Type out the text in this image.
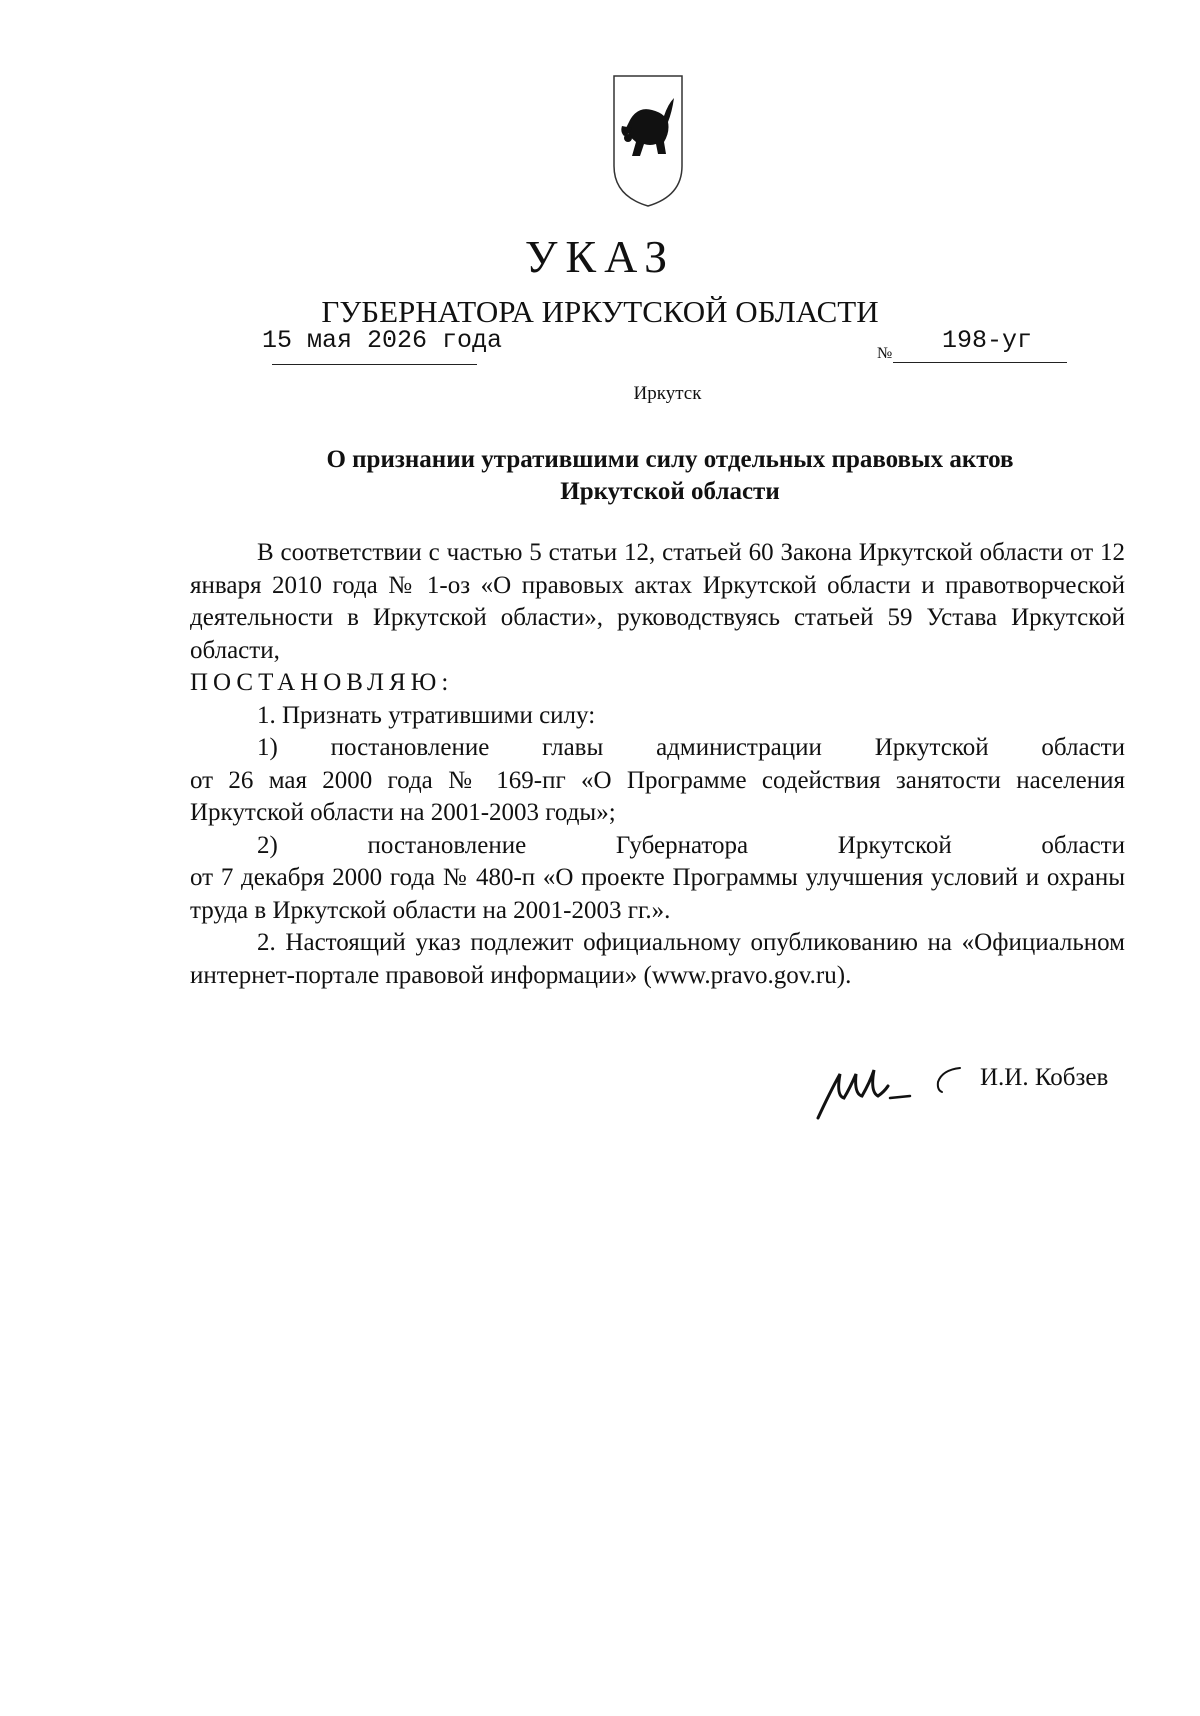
УКАЗ
ГУБЕРНАТОРА ИРКУТСКОЙ ОБЛАСТИ
15 мая 2026 года	№ 198-уг
Иркутск
О признании утратившими силу отдельных правовых актов
Иркутской области

В соответствии с частью 5 статьи 12, статьей 60 Закона Иркутской области от 12 января 2010 года № 1-оз «О правовых актах Иркутской области и правотворческой деятельности в Иркутской области», руководствуясь статьей 59 Устава Иркутской области,

ПОСТАНОВЛЯЮ:

1. Признать утратившими силу:

1) постановление главы администрации Иркутской области

от 26 мая 2000 года № 169-пг «О Программе содействия занятости населения Иркутской области на 2001-2003 годы»;

2) постановление Губернатора Иркутской области

от 7 декабря 2000 года № 480-п «О проекте Программы улучшения условий и охраны труда в Иркутской области на 2001-2003 гг.».

2. Настоящий указ подлежит официальному опубликованию на «Официальном интернет-портале правовой информации» (www.pravo.gov.ru).

И.И. Кобзев
